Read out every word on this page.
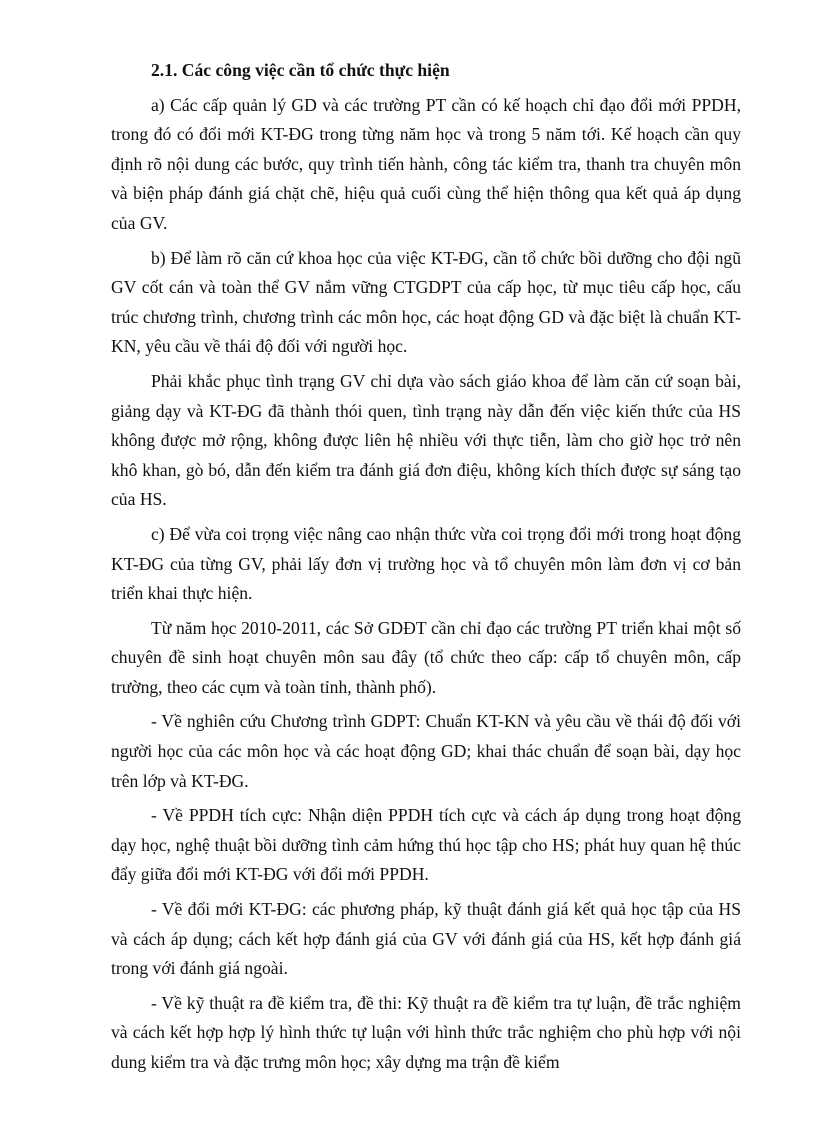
2.1. Các công việc cần tổ chức thực hiện

a) Các cấp quản lý GD và các trường PT cần có kế hoạch chỉ đạo đổi mới PPDH, trong đó có đổi mới KT-ĐG trong từng năm học và trong 5 năm tới. Kế hoạch cần quy định rõ nội dung các bước, quy trình tiến hành, công tác kiểm tra, thanh tra chuyên môn và biện pháp đánh giá chặt chẽ, hiệu quả cuối cùng thể hiện thông qua kết quả áp dụng của GV.

b) Để làm rõ căn cứ khoa học của việc KT-ĐG, cần tổ chức bồi dưỡng cho đội ngũ GV cốt cán và toàn thể GV nắm vững CTGDPT của cấp học, từ mục tiêu cấp học, cấu trúc chương trình, chương trình các môn học, các hoạt động GD và đặc biệt là chuẩn KT-KN, yêu cầu về thái độ đối với người học.

Phải khắc phục tình trạng GV chỉ dựa vào sách giáo khoa để làm căn cứ soạn bài, giảng dạy và KT-ĐG đã thành thói quen, tình trạng này dẫn đến việc kiến thức của HS không được mở rộng, không được liên hệ nhiều với thực tiễn, làm cho giờ học trở nên khô khan, gò bó, dẫn đến kiểm tra đánh giá đơn điệu, không kích thích được sự sáng tạo của HS.

c) Để vừa coi trọng việc nâng cao nhận thức vừa coi trọng đổi mới trong hoạt động KT-ĐG của từng GV, phải lấy đơn vị trường học và tổ chuyên môn làm đơn vị cơ bản triển khai thực hiện.

Từ năm học 2010-2011, các Sở GDĐT cần chỉ đạo các trường PT triển khai một số chuyên đề sinh hoạt chuyên môn sau đây (tổ chức theo cấp: cấp tổ chuyên môn, cấp trường, theo các cụm và toàn tỉnh, thành phố).

- Về nghiên cứu Chương trình GDPT: Chuẩn KT-KN và yêu cầu về thái độ đối với người học của các môn học và các hoạt động GD; khai thác chuẩn để soạn bài, dạy học trên lớp và KT-ĐG.

- Về PPDH tích cực: Nhận diện PPDH tích cực và cách áp dụng trong hoạt động dạy học, nghệ thuật bồi dưỡng tình cảm hứng thú học tập cho HS; phát huy quan hệ thúc đẩy giữa đổi mới KT-ĐG với đổi mới PPDH.

- Về đổi mới KT-ĐG: các phương pháp, kỹ thuật đánh giá kết quả học tập của HS và cách áp dụng; cách kết hợp đánh giá của GV với đánh giá của HS, kết hợp đánh giá trong với đánh giá ngoài.

- Về kỹ thuật ra đề kiểm tra, đề thi: Kỹ thuật ra đề kiểm tra tự luận, đề trắc nghiệm và cách kết hợp hợp lý hình thức tự luận với hình thức trắc nghiệm cho phù hợp với nội dung kiểm tra và đặc trưng môn học; xây dựng ma trận đề kiểm
